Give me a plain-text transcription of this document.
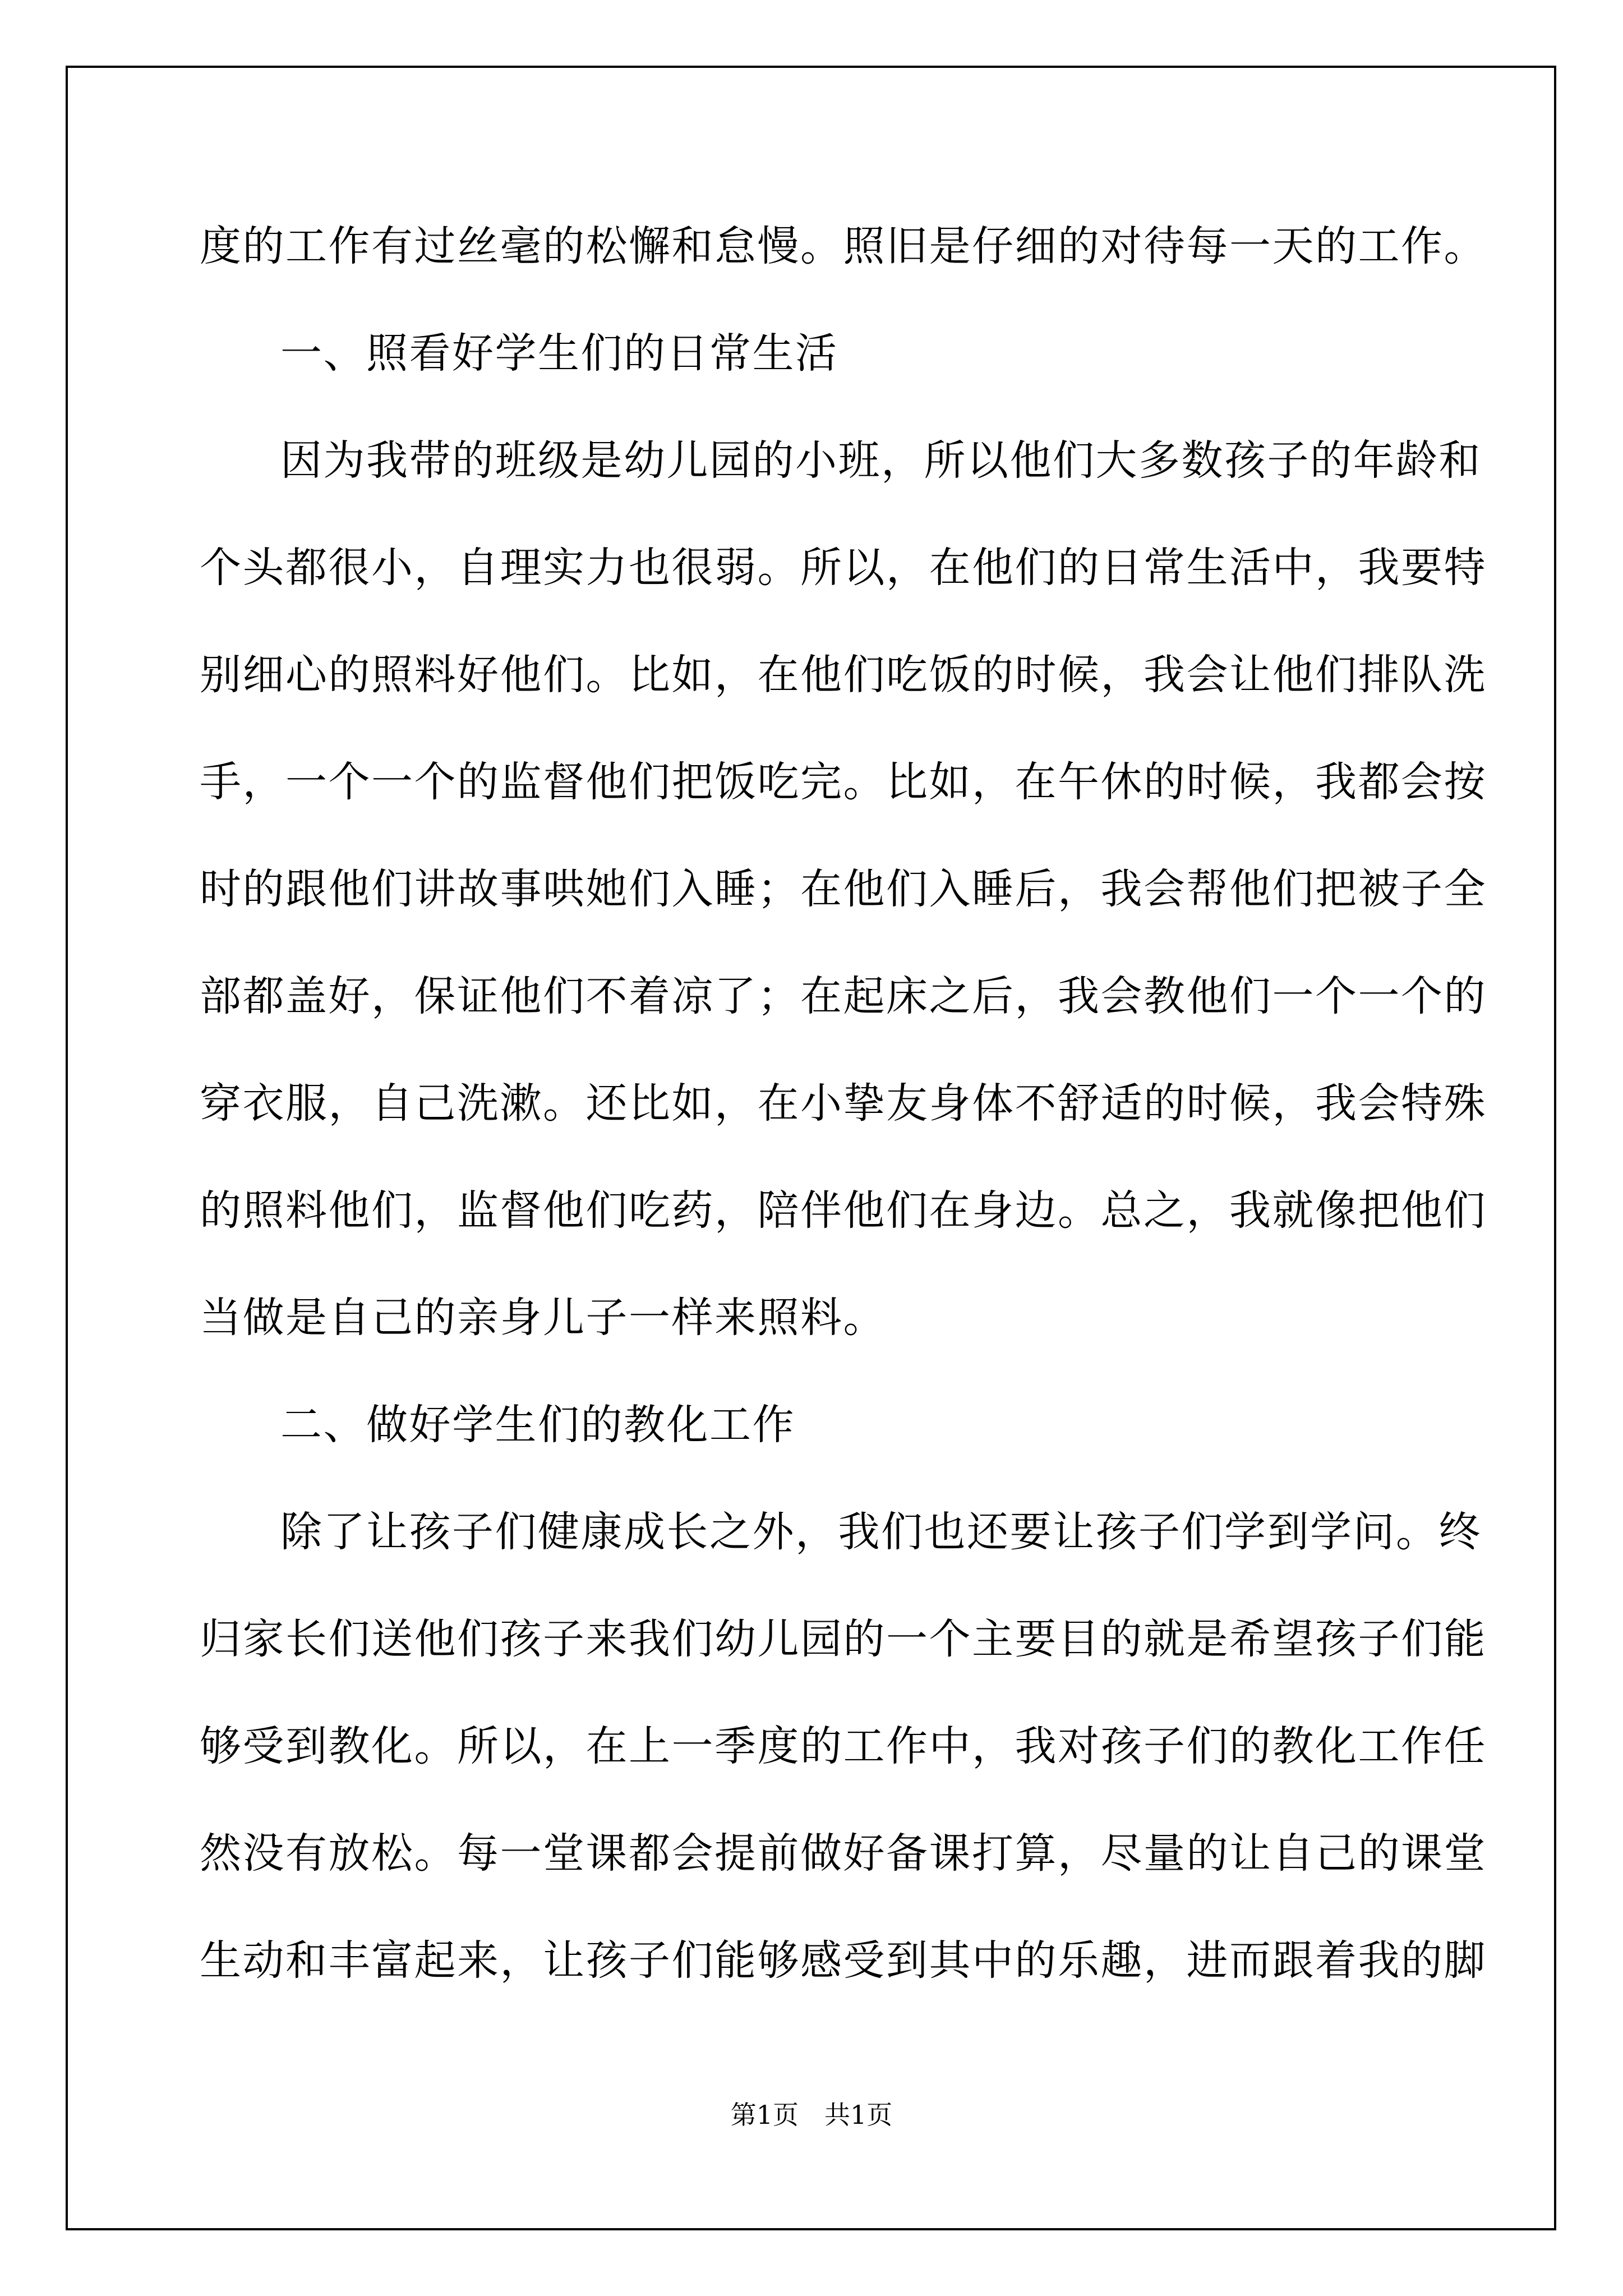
度的工作有过丝毫的松懈和怠慢。照旧是仔细的对待每一天的工作。
一、照看好学生们的日常生活
因为我带的班级是幼儿园的小班，所以他们大多数孩子的年龄和
个头都很小，自理实力也很弱。所以，在他们的日常生活中，我要特
别细心的照料好他们。比如，在他们吃饭的时候，我会让他们排队洗
手，一个一个的监督他们把饭吃完。比如，在午休的时候，我都会按
时的跟他们讲故事哄她们入睡；在他们入睡后，我会帮他们把被子全
部都盖好，保证他们不着凉了；在起床之后，我会教他们一个一个的
穿衣服，自己洗漱。还比如，在小挚友身体不舒适的时候，我会特殊
的照料他们，监督他们吃药，陪伴他们在身边。总之，我就像把他们
当做是自己的亲身儿子一样来照料。
二、做好学生们的教化工作
除了让孩子们健康成长之外，我们也还要让孩子们学到学问。终
归家长们送他们孩子来我们幼儿园的一个主要目的就是希望孩子们能
够受到教化。所以，在上一季度的工作中，我对孩子们的教化工作任
然没有放松。每一堂课都会提前做好备课打算，尽量的让自己的课堂
生动和丰富起来，让孩子们能够感受到其中的乐趣，进而跟着我的脚
第1页　共1页
